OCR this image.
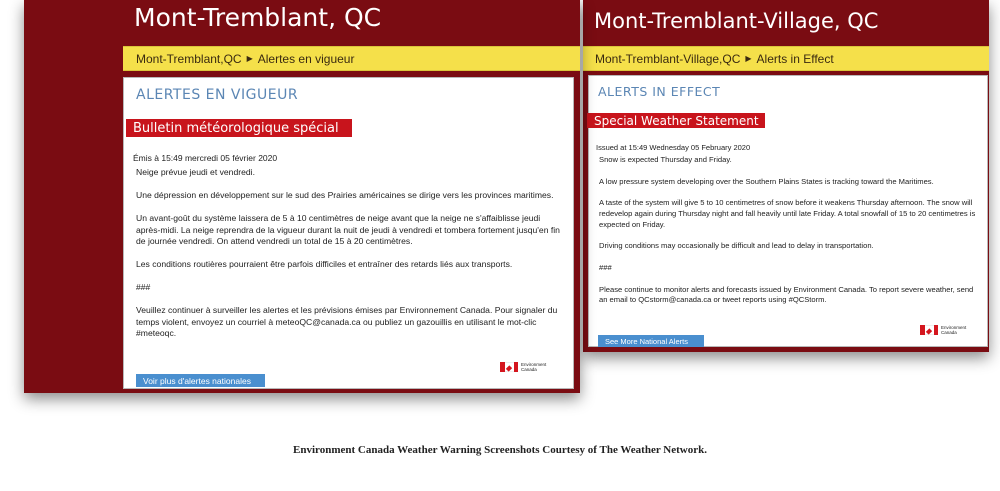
Mont-Tremblant-Village, QC
Mont-Tremblant-Village,QC ▶ Alerts in Effect
ALERTS IN EFFECT
Special Weather Statement
Issued at 15:49 Wednesday 05 February 2020

Snow is expected Thursday and Friday.

A low pressure system developing over the Southern Plains States is tracking toward the Maritimes.

A taste of the system will give 5 to 10 centimetres of snow before it weakens Thursday afternoon. The snow will redevelop again during Thursday night and fall heavily until late Friday. A total snowfall of 15 to 20 centimetres is expected on Friday.

Driving conditions may occasionally be difficult and lead to delay in transportation.

###

Please continue to monitor alerts and forecasts issued by Environment Canada. To report severe weather, send an email to QCstorm@canada.ca or tweet reports using #QCStorm.

Environment
Canada
See More National Alerts
Mont-Tremblant, QC
Mont-Tremblant,QC ▶ Alertes en vigueur
ALERTES EN VIGUEUR
Bulletin météorologique spécial
Émis à 15:49 mercredi 05 février 2020

Neige prévue jeudi et vendredi.

Une dépression en développement sur le sud des Prairies américaines se dirige vers les provinces maritimes.

Un avant-goût du système laissera de 5 à 10 centimètres de neige avant que la neige ne s'affaiblisse jeudi après-midi. La neige reprendra de la vigueur durant la nuit de jeudi à vendredi et tombera fortement jusqu'en fin de journée vendredi. On attend vendredi un total de 15 à 20 centimètres.

Les conditions routières pourraient être parfois difficiles et entraîner des retards liés aux transports.

###

Veuillez continuer à surveiller les alertes et les prévisions émises par Environnement Canada. Pour signaler du temps violent, envoyez un courriel à meteoQC@canada.ca ou publiez un gazouillis en utilisant le mot-clic #meteoqc.

Environment
Canada
Voir plus d'alertes nationales
Environment Canada Weather Warning Screenshots Courtesy of The Weather Network.
